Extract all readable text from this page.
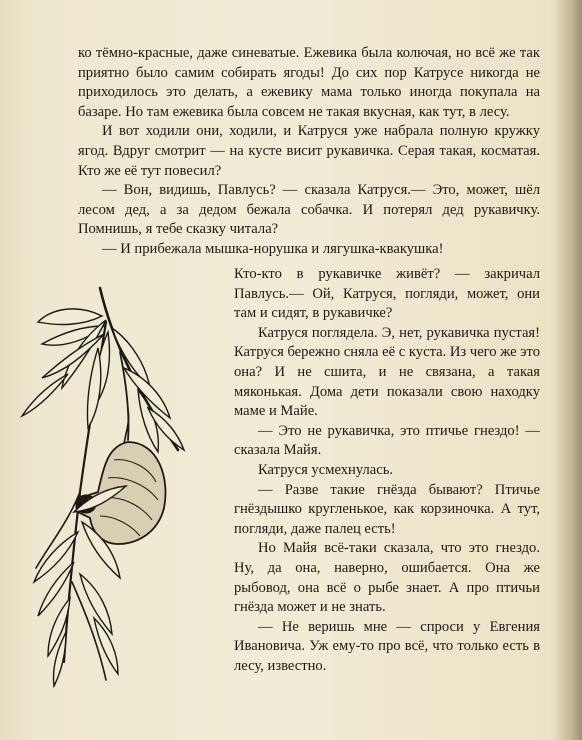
ко тёмно-красные, даже синеватые. Ежевика была колючая, но всё же так приятно было самим собирать ягоды! До сих пор Катрусе никогда не приходилось это делать, а ежевику мама только иногда покупала на базаре. Но там ежевика была совсем не такая вкусная, как тут, в лесу.

И вот ходили они, ходили, и Катруся уже набрала полную кружку ягод. Вдруг смотрит — на кусте висит рукавичка. Серая такая, косматая. Кто же её тут повесил?

— Вон, видишь, Павлусь? — сказала Катруся.— Это, может, шёл лесом дед, а за дедом бежала собачка. И потерял дед рукавичку. Помнишь, я тебе сказку читала?

— И прибежала мышка-норушка и лягушка-квакушка!

Кто-кто в рукавичке живёт? — закричал Павлусь.— Ой, Катруся, погляди, может, они там и сидят, в рукавичке?

Катруся поглядела. Э, нет, рукавичка пустая! Катруся бережно сняла её с куста. Из чего же это она? И не сшита, и не связана, а такая мяконькая. Дома дети показали свою находку маме и Майе.

— Это не рукавичка, это птичье гнездо! — сказала Майя.

Катруся усмехнулась.

— Разве такие гнёзда бывают? Птичье гнёздышко кругленькое, как корзиночка. А тут, погляди, даже палец есть!

Но Майя всё-таки сказала, что это гнездо. Ну, да она, наверно, ошибается. Она же рыбовод, она всё о рыбе знает. А про птичьи гнёзда может и не знать.

— Не веришь мне — спроси у Евгения Ивановича. Уж ему-то про всё, что только есть в лесу, известно.
